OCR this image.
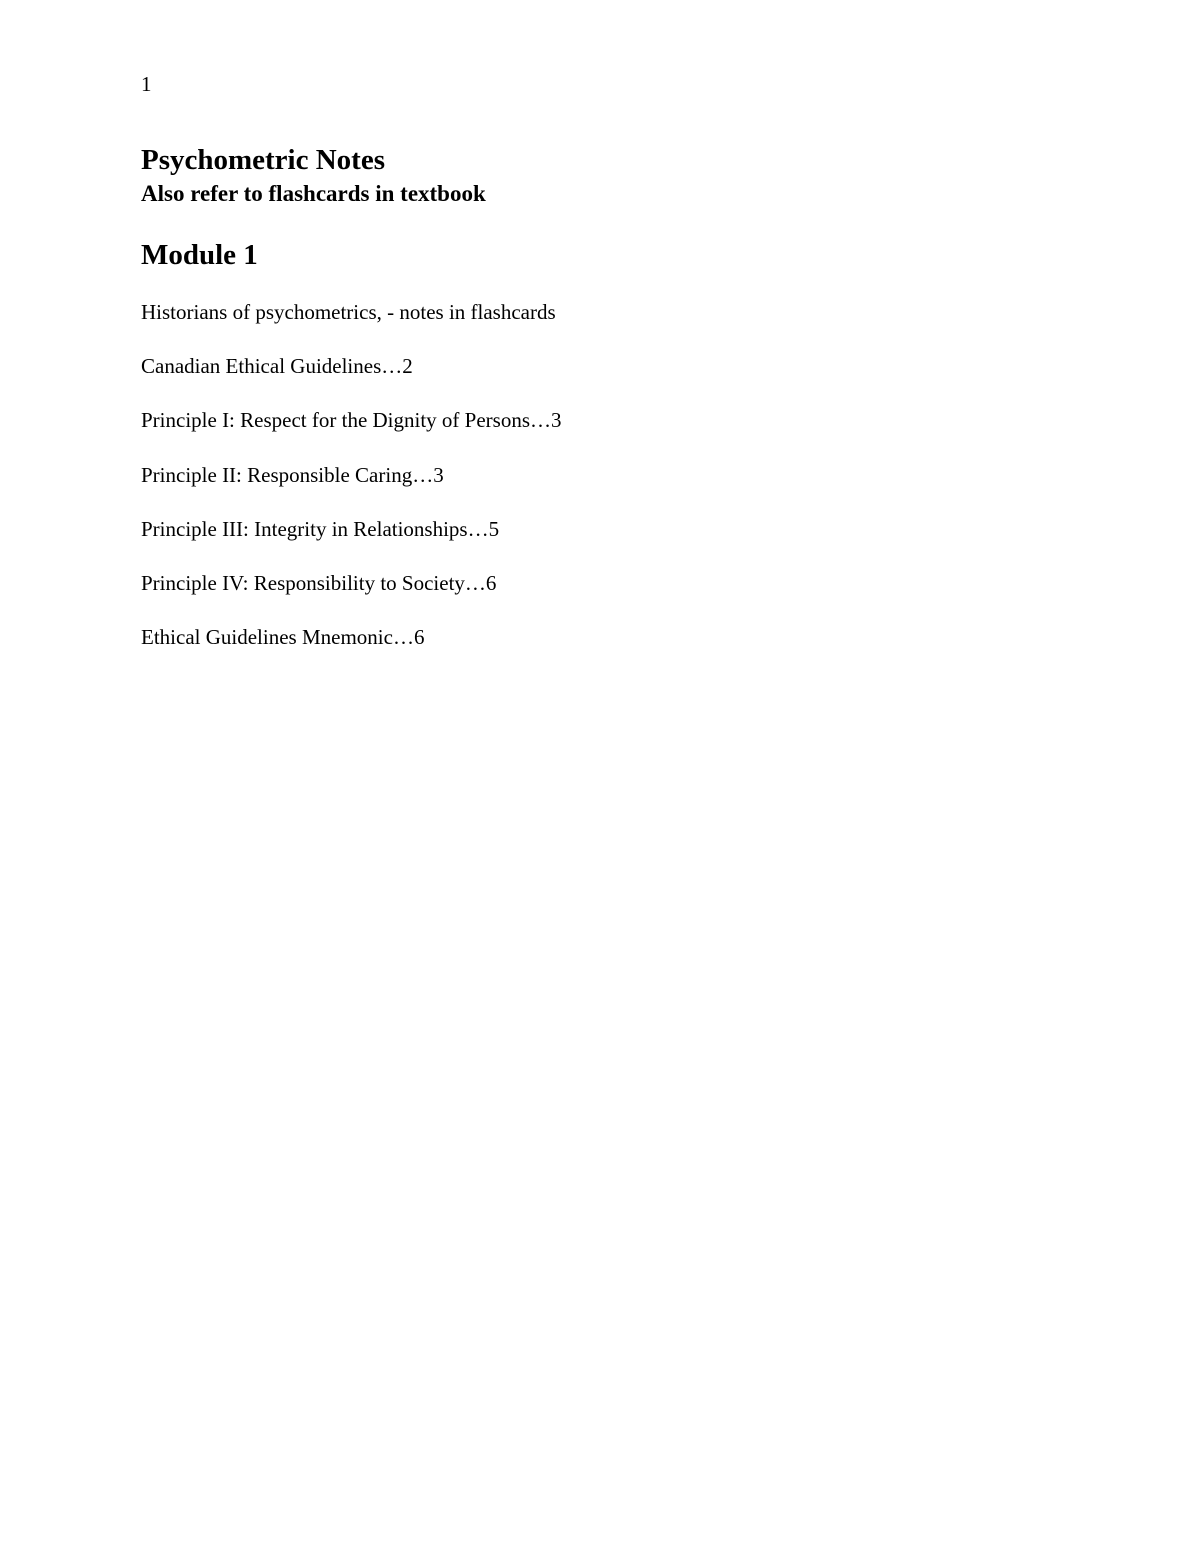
1
Psychometric Notes
Also refer to flashcards in textbook
Module 1
Historians of psychometrics, - notes in flashcards
Canadian Ethical Guidelines…2
Principle I: Respect for the Dignity of Persons…3
Principle II: Responsible Caring…3
Principle III: Integrity in Relationships…5
Principle IV: Responsibility to Society…6
Ethical Guidelines Mnemonic…6
